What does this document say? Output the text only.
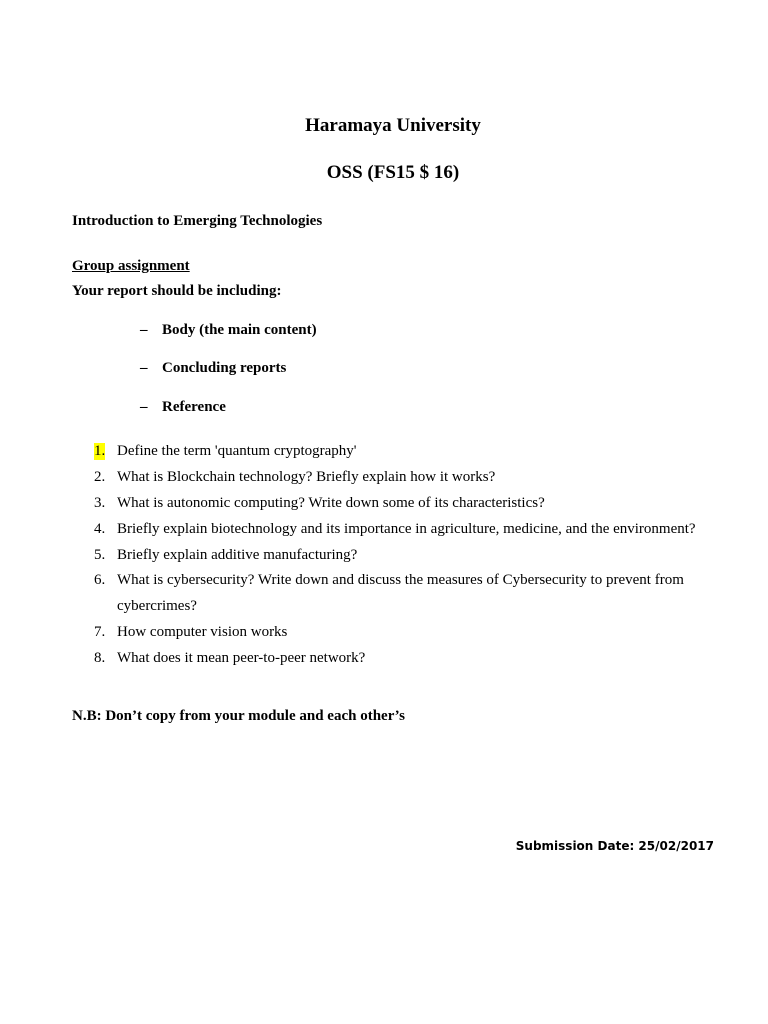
Haramaya University
OSS (FS15 $ 16)
Introduction to Emerging Technologies
Group assignment
Your report should be including:
– Body (the main content)
– Concluding reports
– Reference
1. Define the term 'quantum cryptography'
2. What is Blockchain technology? Briefly explain how it works?
3. What is autonomic computing? Write down some of its characteristics?
4. Briefly explain biotechnology and its importance in agriculture, medicine, and the environment?
5. Briefly explain additive manufacturing?
6. What is cybersecurity? Write down and discuss the measures of Cybersecurity to prevent from
cybercrimes?
7. How computer vision works
8. What does it mean peer-to-peer network?
N.B: Don’t copy from your module and each other’s
Submission Date: 25/02/2017
